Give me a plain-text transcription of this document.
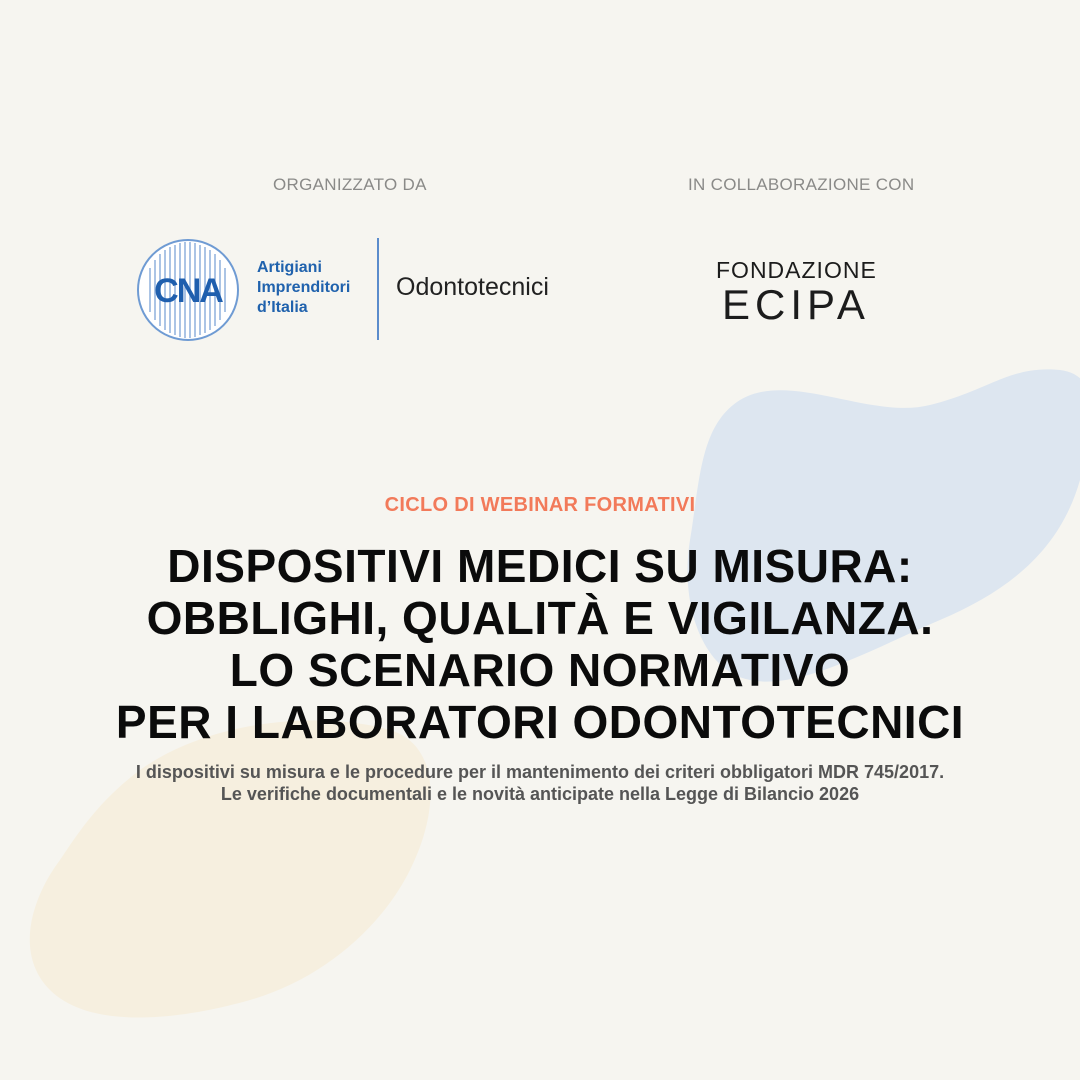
ORGANIZZATO DA	IN COLLABORAZIONE CON
CNA
Artigiani
Imprenditori
d’Italia
Odontotecnici
FONDAZIONE
ECIPA
CICLO DI WEBINAR FORMATIVI
DISPOSITIVI MEDICI SU MISURA:
OBBLIGHI, QUALITÀ E VIGILANZA.
LO SCENARIO NORMATIVO
PER I LABORATORI ODONTOTECNICI
I dispositivi su misura e le procedure per il mantenimento dei criteri obbligatori MDR 745/2017.
Le verifiche documentali e le novità anticipate nella Legge di Bilancio 2026
